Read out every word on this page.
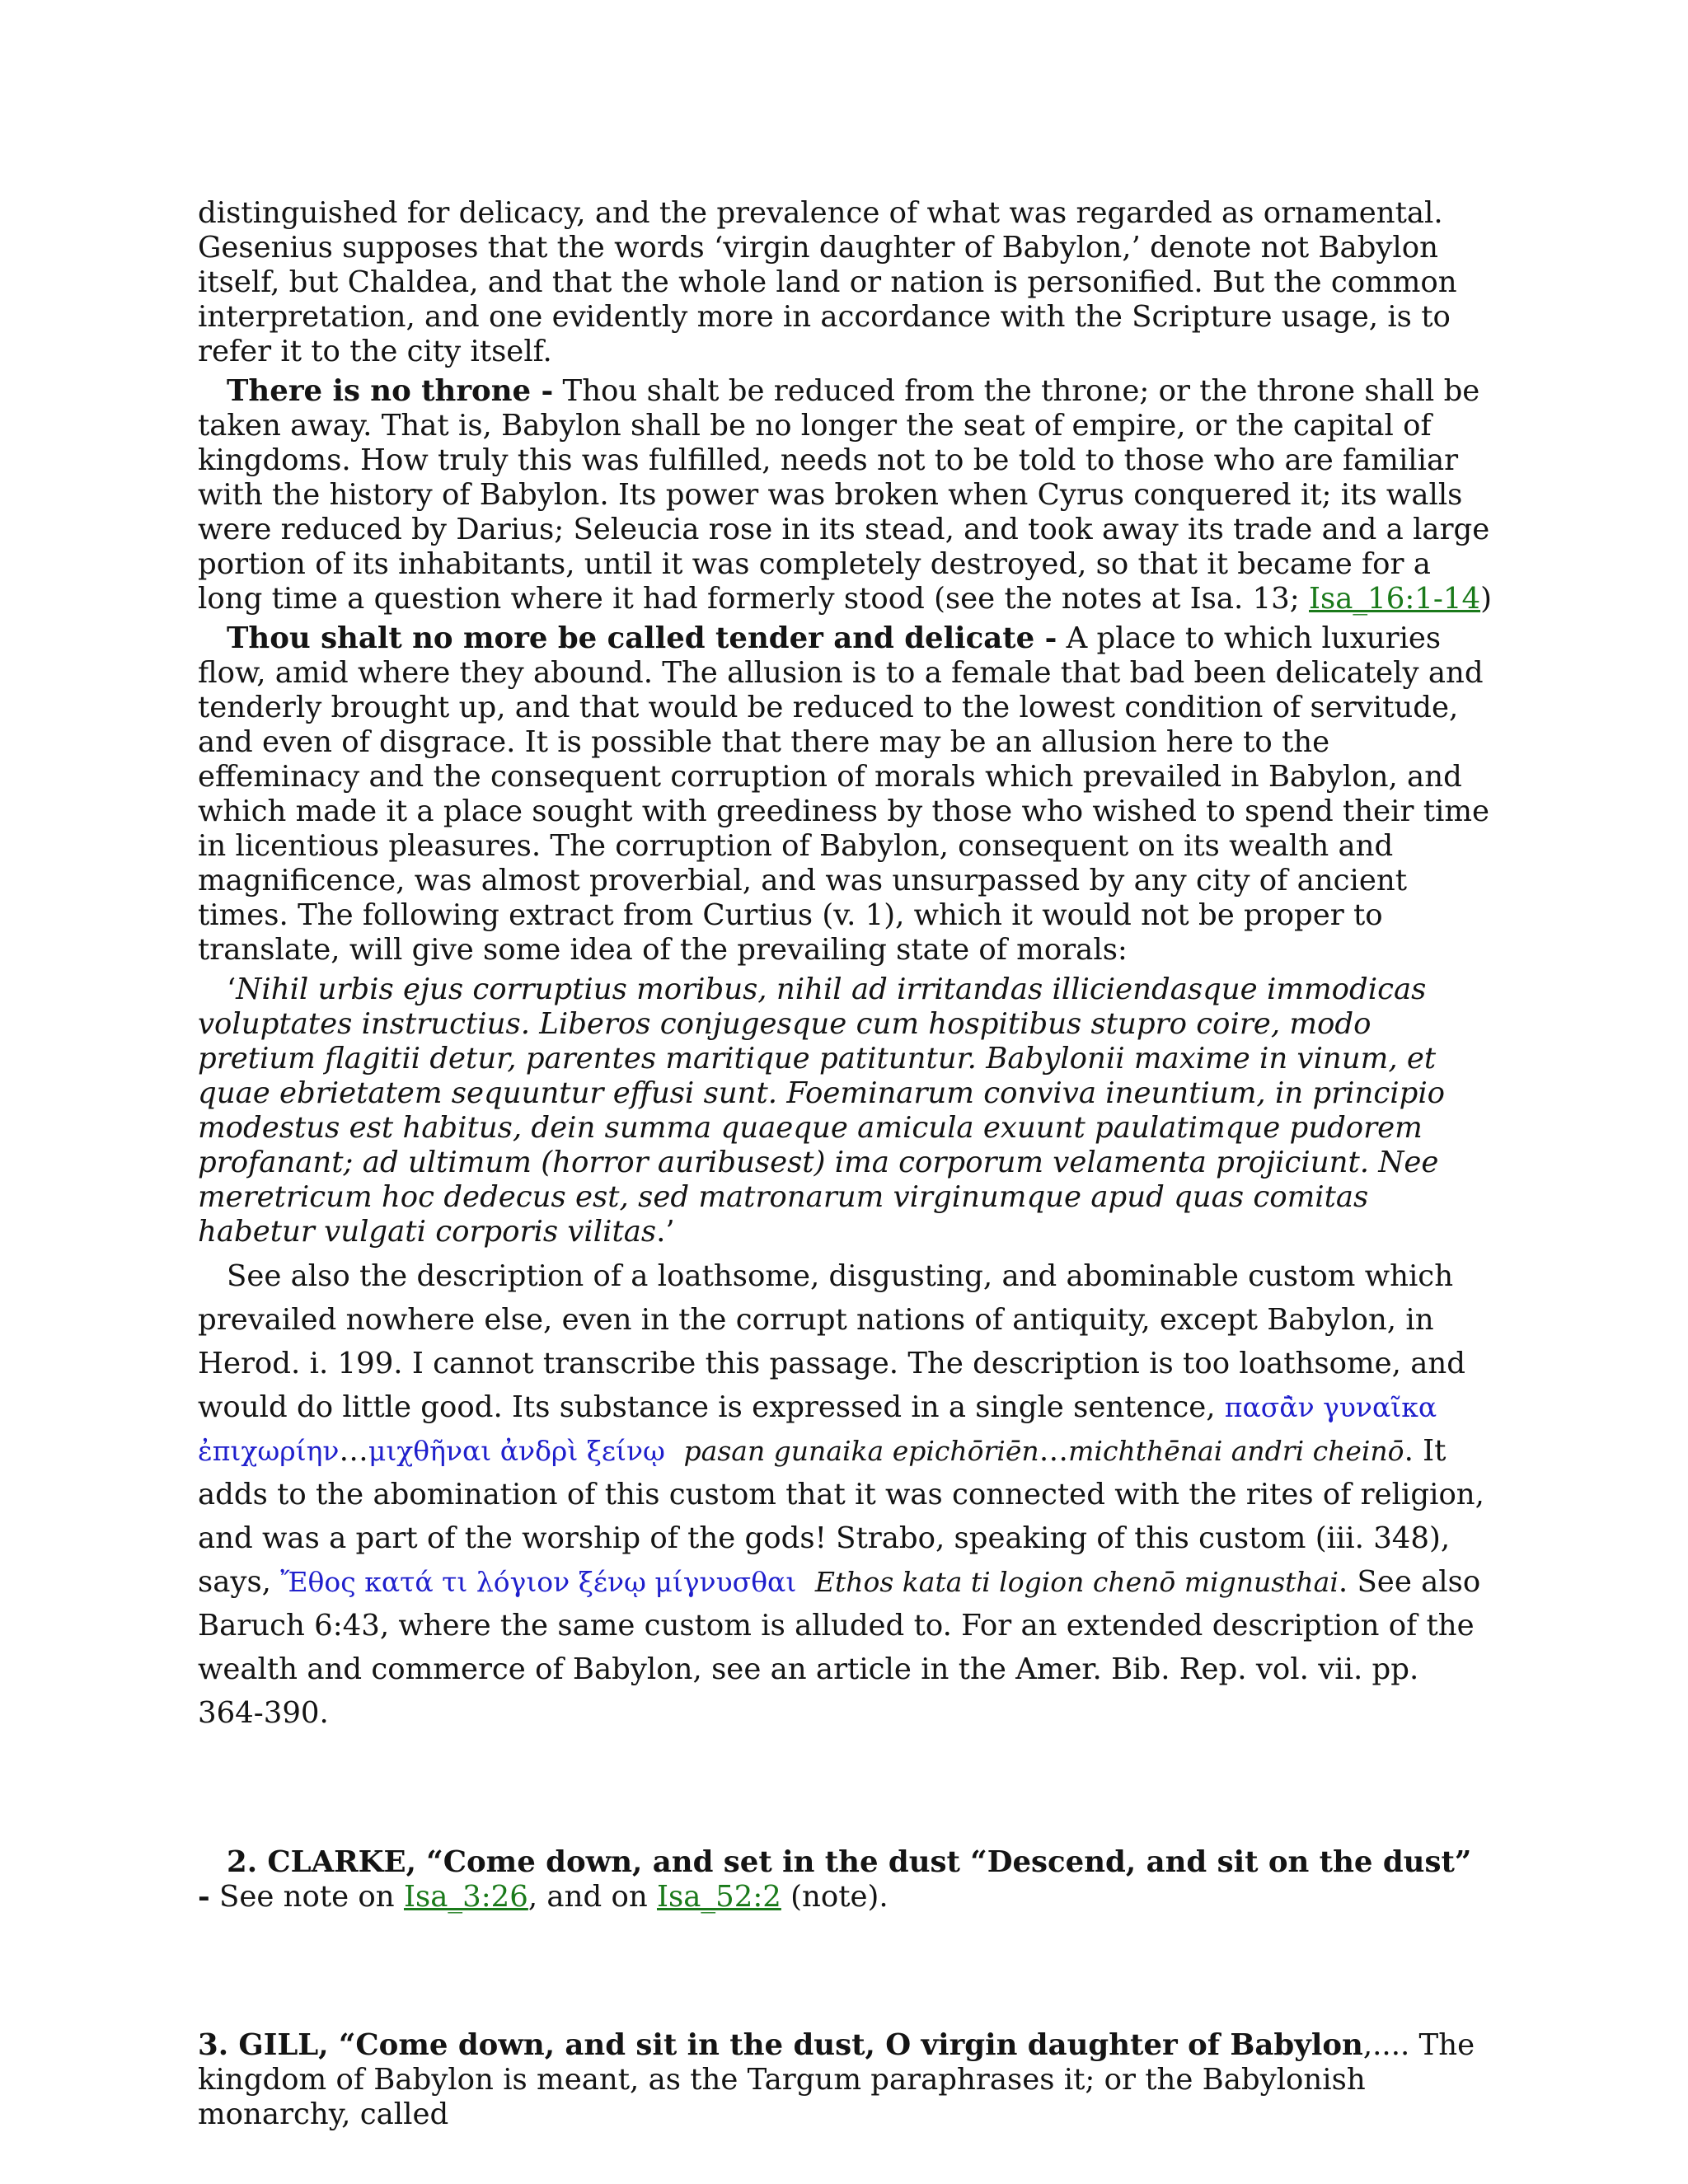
distinguished for delicacy, and the prevalence of what was regarded as ornamental. Gesenius supposes that the words ‘virgin daughter of Babylon,’ denote not Babylon itself, but Chaldea, and that the whole land or nation is personified. But the common interpretation, and one evidently more in accordance with the Scripture usage, is to refer it to the city itself.

There is no throne - Thou shalt be reduced from the throne; or the throne shall be taken away. That is, Babylon shall be no longer the seat of empire, or the capital of kingdoms. How truly this was fulfilled, needs not to be told to those who are familiar with the history of Babylon. Its power was broken when Cyrus conquered it; its walls were reduced by Darius; Seleucia rose in its stead, and took away its trade and a large portion of its inhabitants, until it was completely destroyed, so that it became for a long time a question where it had formerly stood (see the notes at Isa. 13; Isa_16:1-14)

Thou shalt no more be called tender and delicate - A place to which luxuries flow, amid where they abound. The allusion is to a female that bad been delicately and tenderly brought up, and that would be reduced to the lowest condition of servitude, and even of disgrace. It is possible that there may be an allusion here to the effeminacy and the consequent corruption of morals which prevailed in Babylon, and which made it a place sought with greediness by those who wished to spend their time in licentious pleasures. The corruption of Babylon, consequent on its wealth and magnificence, was almost proverbial, and was unsurpassed by any city of ancient times. The following extract from Curtius (v. 1), which it would not be proper to translate, will give some idea of the prevailing state of morals:

‘Nihil urbis ejus corruptius moribus, nihil ad irritandas illiciendasque immodicas voluptates instructius. Liberos conjugesque cum hospitibus stupro coire, modo pretium flagitii detur, parentes maritique patituntur. Babylonii maxime in vinum, et quae ebrietatem sequuntur effusi sunt. Foeminarum conviva ineuntium, in principio modestus est habitus, dein summa quaeque amicula exuunt paulatimque pudorem profanant; ad ultimum (horror auribusest) ima corporum velamenta projiciunt. Nee meretricum hoc dedecus est, sed matronarum virginumque apud quas comitas habetur vulgati corporis vilitas.’

See also the description of a loathsome, disgusting, and abominable custom which prevailed nowhere else, even in the corrupt nations of antiquity, except Babylon, in Herod. i. 199. I cannot transcribe this passage. The description is too loathsome, and would do little good. Its substance is expressed in a single sentence, πασᾱ̀ν γυναῖκα ἐπιχωρίην…μιχθῆναι ἀνδρὶ ξείνῳ pasan gunaika epichōriēn…michthēnai andri cheinō. It adds to the abomination of this custom that it was connected with the rites of religion, and was a part of the worship of the gods! Strabo, speaking of this custom (iii. 348), says, Ἔθος κατά τι λόγιον ξένῳ μίγνυσθαι Ethos kata ti logion chenō mignusthai. See also Baruch 6:43, where the same custom is alluded to. For an extended description of the wealth and commerce of Babylon, see an article in the Amer. Bib. Rep. vol. vii. pp. 364-390.

2. CLARKE, “Come down, and set in the dust “Descend, and sit on the dust” - See note on Isa_3:26, and on Isa_52:2 (note).

3. GILL, “Come down, and sit in the dust, O virgin daughter of Babylon,.... The kingdom of Babylon is meant, as the Targum paraphrases it; or the Babylonish monarchy, called
